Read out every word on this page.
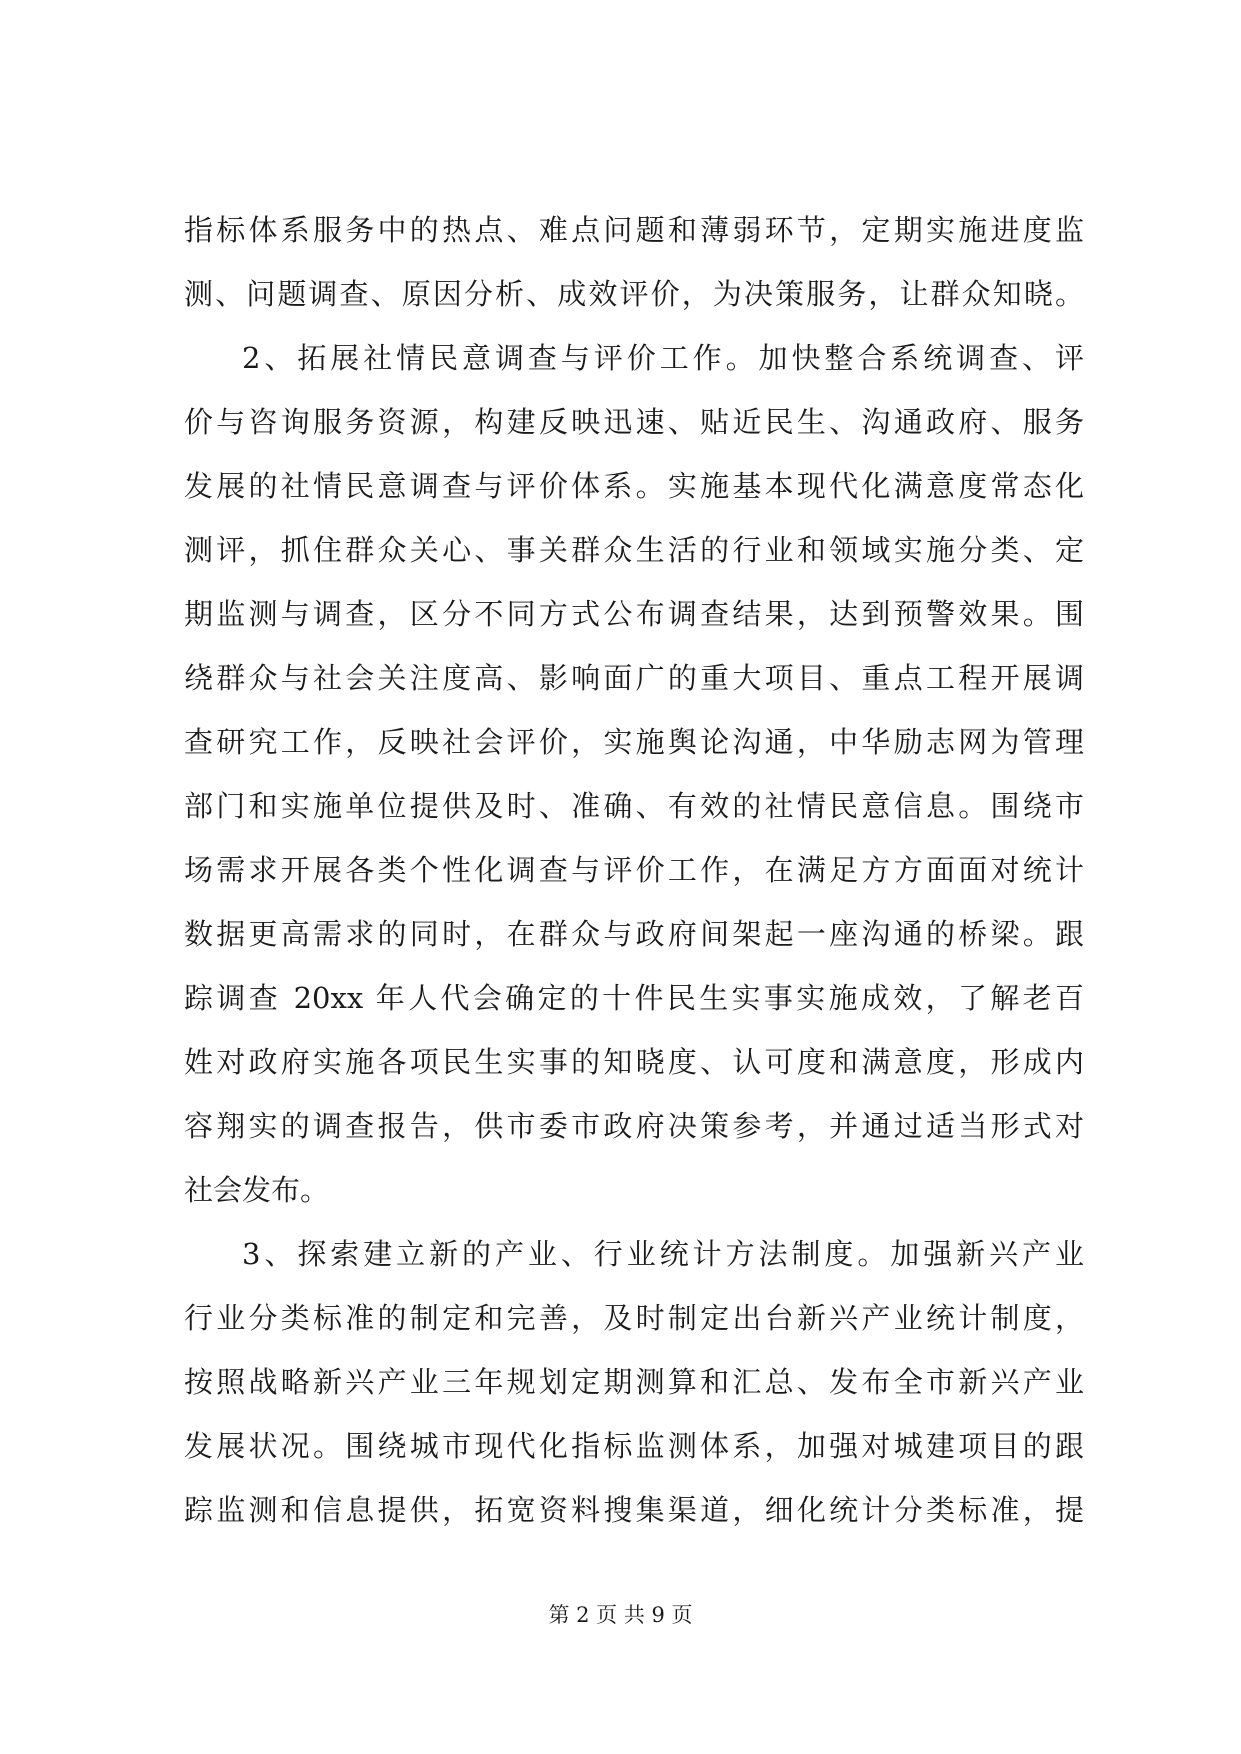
指标体系服务中的热点、难点问题和薄弱环节，定期实施进度监
测、问题调查、原因分析、成效评价，为决策服务，让群众知晓。
2、拓展社情民意调查与评价工作。加快整合系统调查、评
价与咨询服务资源，构建反映迅速、贴近民生、沟通政府、服务
发展的社情民意调查与评价体系。实施基本现代化满意度常态化
测评，抓住群众关心、事关群众生活的行业和领域实施分类、定
期监测与调查，区分不同方式公布调查结果，达到预警效果。围
绕群众与社会关注度高、影响面广的重大项目、重点工程开展调
查研究工作，反映社会评价，实施舆论沟通，中华励志网为管理
部门和实施单位提供及时、准确、有效的社情民意信息。围绕市
场需求开展各类个性化调查与评价工作，在满足方方面面对统计
数据更高需求的同时，在群众与政府间架起一座沟通的桥梁。跟
踪调查 20xx 年人代会确定的十件民生实事实施成效，了解老百
姓对政府实施各项民生实事的知晓度、认可度和满意度，形成内
容翔实的调查报告，供市委市政府决策参考，并通过适当形式对
社会发布。
3、探索建立新的产业、行业统计方法制度。加强新兴产业
行业分类标准的制定和完善，及时制定出台新兴产业统计制度，
按照战略新兴产业三年规划定期测算和汇总、发布全市新兴产业
发展状况。围绕城市现代化指标监测体系，加强对城建项目的跟
踪监测和信息提供，拓宽资料搜集渠道，细化统计分类标准，提
第 2 页 共 9 页
